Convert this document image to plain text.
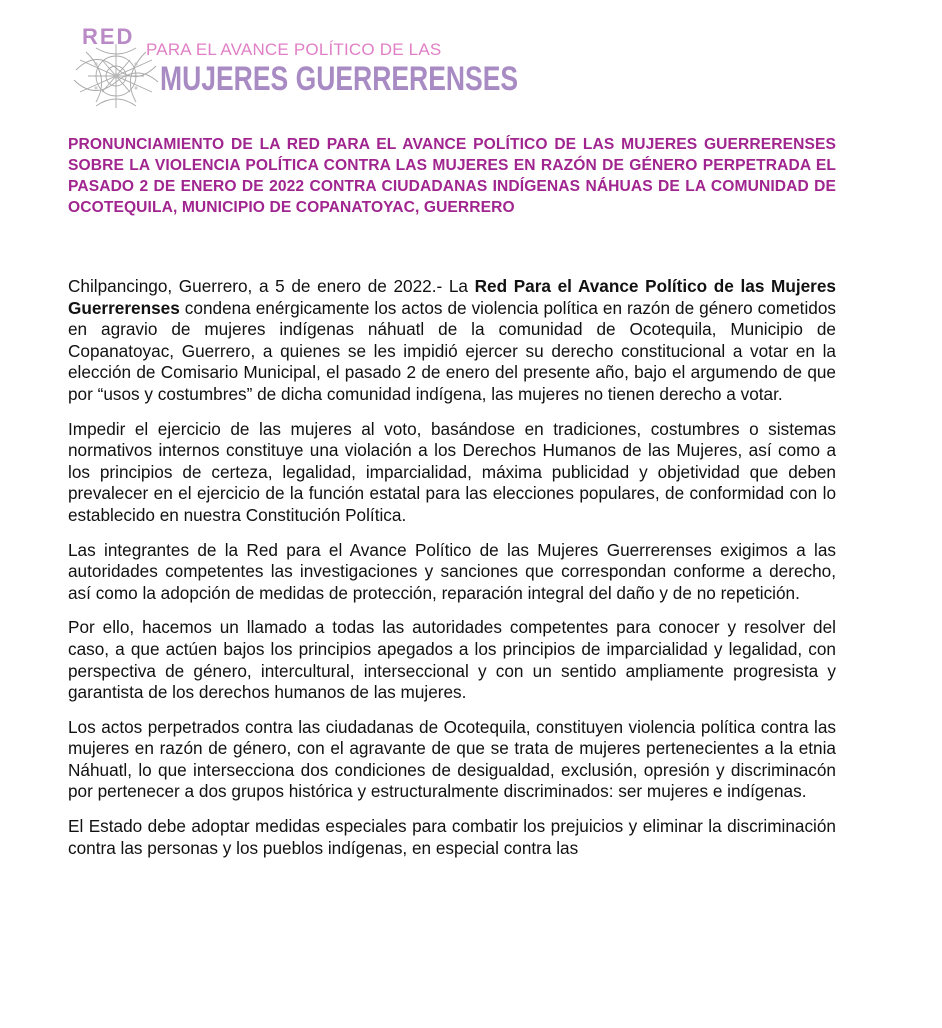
RED
PARA EL AVANCE POLÍTICO DE LAS
MUJERES GUERRERENSES
PRONUNCIAMIENTO DE LA RED PARA EL AVANCE POLÍTICO DE LAS MUJERES GUERRERENSES SOBRE LA VIOLENCIA POLÍTICA CONTRA LAS MUJERES EN RAZÓN DE GÉNERO PERPETRADA EL PASADO 2 DE ENERO DE 2022 CONTRA CIUDADANAS INDÍGENAS NÁHUAS DE LA COMUNIDAD DE OCOTEQUILA, MUNICIPIO DE COPANATOYAC, GUERRERO

Chilpancingo, Guerrero, a 5 de enero de 2022.- La Red Para el Avance Político de las Mujeres Guerrerenses condena enérgicamente los actos de violencia política en razón de género cometidos en agravio de mujeres indígenas náhuatl de la comunidad de Ocotequila, Municipio de Copanatoyac, Guerrero, a quienes se les impidió ejercer su derecho constitucional a votar en la elección de Comisario Municipal, el pasado 2 de enero del presente año, bajo el argumendo de que por “usos y costumbres” de dicha comunidad indígena, las mujeres no tienen derecho a votar.

Impedir el ejercicio de las mujeres al voto, basándose en tradiciones, costumbres o sistemas normativos internos constituye una violación a los Derechos Humanos de las Mujeres, así como a los principios de certeza, legalidad, imparcialidad, máxima publicidad y objetividad que deben prevalecer en el ejercicio de la función estatal para las elecciones populares, de conformidad con lo establecido en nuestra Constitución Política.

Las integrantes de la Red para el Avance Político de las Mujeres Guerrerenses exigimos a las autoridades competentes las investigaciones y sanciones que correspondan conforme a derecho, así como la adopción de medidas de protección, reparación integral del daño y de no repetición.

Por ello, hacemos un llamado a todas las autoridades competentes para conocer y resolver del caso, a que actúen bajos los principios apegados a los principios de imparcialidad y legalidad, con perspectiva de género, intercultural, interseccional y con un sentido ampliamente progresista y garantista de los derechos humanos de las mujeres.

Los actos perpetrados contra las ciudadanas de Ocotequila, constituyen violencia política contra las mujeres en razón de género, con el agravante de que se trata de mujeres pertenecientes a la etnia Náhuatl, lo que intersecciona dos condiciones de desigualdad, exclusión, opresión y discriminacón por pertenecer a dos grupos histórica y estructuralmente discriminados: ser mujeres e indígenas.

El Estado debe adoptar medidas especiales para combatir los prejuicios y eliminar la discriminación contra las personas y los pueblos indígenas, en especial contra las
